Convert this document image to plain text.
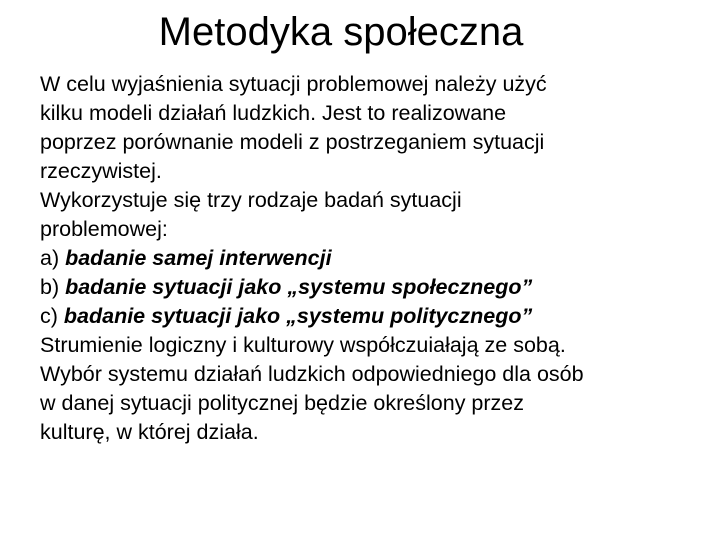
Metodyka społeczna

W celu wyjaśnienia sytuacji problemowej należy użyć

kilku modeli działań ludzkich. Jest to realizowane

poprzez porównanie modeli z postrzeganiem sytuacji

rzeczywistej.

Wykorzystuje się trzy rodzaje badań sytuacji

problemowej:

a) badanie samej interwencji

b) badanie sytuacji jako „systemu społecznego”

c) badanie sytuacji jako „systemu politycznego”

Strumienie logiczny i kulturowy współczuiałają ze sobą.

Wybór systemu działań ludzkich odpowiedniego dla osób

w danej sytuacji politycznej będzie określony przez

kulturę, w której działa.
